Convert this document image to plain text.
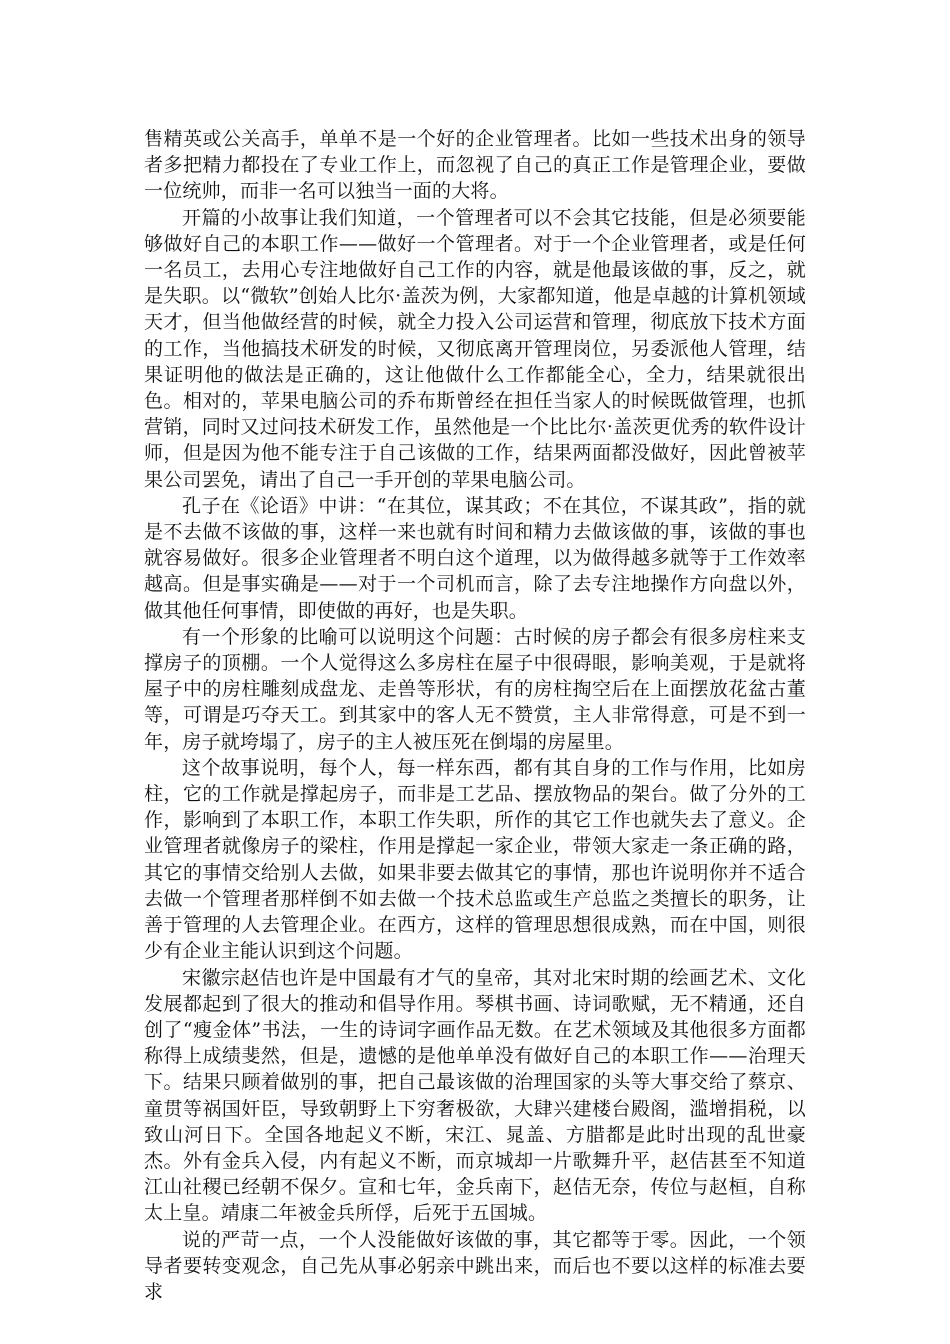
售精英或公关高手，单单不是一个好的企业管理者。比如一些技术出身的领导者多把精力都投在了专业工作上，而忽视了自己的真正工作是管理企业，要做一位统帅，而非一名可以独当一面的大将。

开篇的小故事让我们知道，一个管理者可以不会其它技能，但是必须要能够做好自己的本职工作——做好一个管理者。对于一个企业管理者，或是任何一名员工，去用心专注地做好自己工作的内容，就是他最该做的事，反之，就是失职。以“微软”创始人比尔·盖茨为例，大家都知道，他是卓越的计算机领域天才，但当他做经营的时候，就全力投入公司运营和管理，彻底放下技术方面的工作，当他搞技术研发的时候，又彻底离开管理岗位，另委派他人管理，结果证明他的做法是正确的，这让他做什么工作都能全心，全力，结果就很出色。相对的，苹果电脑公司的乔布斯曾经在担任当家人的时候既做管理，也抓营销，同时又过问技术研发工作，虽然他是一个比比尔·盖茨更优秀的软件设计师，但是因为他不能专注于自己该做的工作，结果两面都没做好，因此曾被苹果公司罢免，请出了自己一手开创的苹果电脑公司。

孔子在《论语》中讲：“在其位，谋其政；不在其位，不谋其政”，指的就是不去做不该做的事，这样一来也就有时间和精力去做该做的事，该做的事也就容易做好。很多企业管理者不明白这个道理，以为做得越多就等于工作效率越高。但是事实确是——对于一个司机而言，除了去专注地操作方向盘以外，做其他任何事情，即使做的再好，也是失职。

有一个形象的比喻可以说明这个问题：古时候的房子都会有很多房柱来支撑房子的顶棚。一个人觉得这么多房柱在屋子中很碍眼，影响美观，于是就将屋子中的房柱雕刻成盘龙、走兽等形状，有的房柱掏空后在上面摆放花盆古董等，可谓是巧夺天工。到其家中的客人无不赞赏，主人非常得意，可是不到一年，房子就垮塌了，房子的主人被压死在倒塌的房屋里。

这个故事说明，每个人，每一样东西，都有其自身的工作与作用，比如房柱，它的工作就是撑起房子，而非是工艺品、摆放物品的架台。做了分外的工作，影响到了本职工作，本职工作失职，所作的其它工作也就失去了意义。企业管理者就像房子的梁柱，作用是撑起一家企业，带领大家走一条正确的路，其它的事情交给别人去做，如果非要去做其它的事情，那也许说明你并不适合去做一个管理者那样倒不如去做一个技术总监或生产总监之类擅长的职务，让善于管理的人去管理企业。在西方，这样的管理思想很成熟，而在中国，则很少有企业主能认识到这个问题。

宋徽宗赵佶也许是中国最有才气的皇帝，其对北宋时期的绘画艺术、文化发展都起到了很大的推动和倡导作用。琴棋书画、诗词歌赋，无不精通，还自创了“瘦金体”书法，一生的诗词字画作品无数。在艺术领域及其他很多方面都称得上成绩斐然，但是，遗憾的是他单单没有做好自己的本职工作——治理天下。结果只顾着做别的事，把自己最该做的治理国家的头等大事交给了蔡京、童贯等祸国奸臣，导致朝野上下穷奢极欲，大肆兴建楼台殿阁，滥增捐税，以致山河日下。全国各地起义不断，宋江、晁盖、方腊都是此时出现的乱世豪杰。外有金兵入侵，内有起义不断，而京城却一片歌舞升平，赵佶甚至不知道江山社稷已经朝不保夕。宣和七年，金兵南下，赵佶无奈，传位与赵桓，自称太上皇。靖康二年被金兵所俘，后死于五国城。

说的严苛一点，一个人没能做好该做的事，其它都等于零。因此，一个领导者要转变观念，自己先从事必躬亲中跳出来，而后也不要以这样的标准去要求
